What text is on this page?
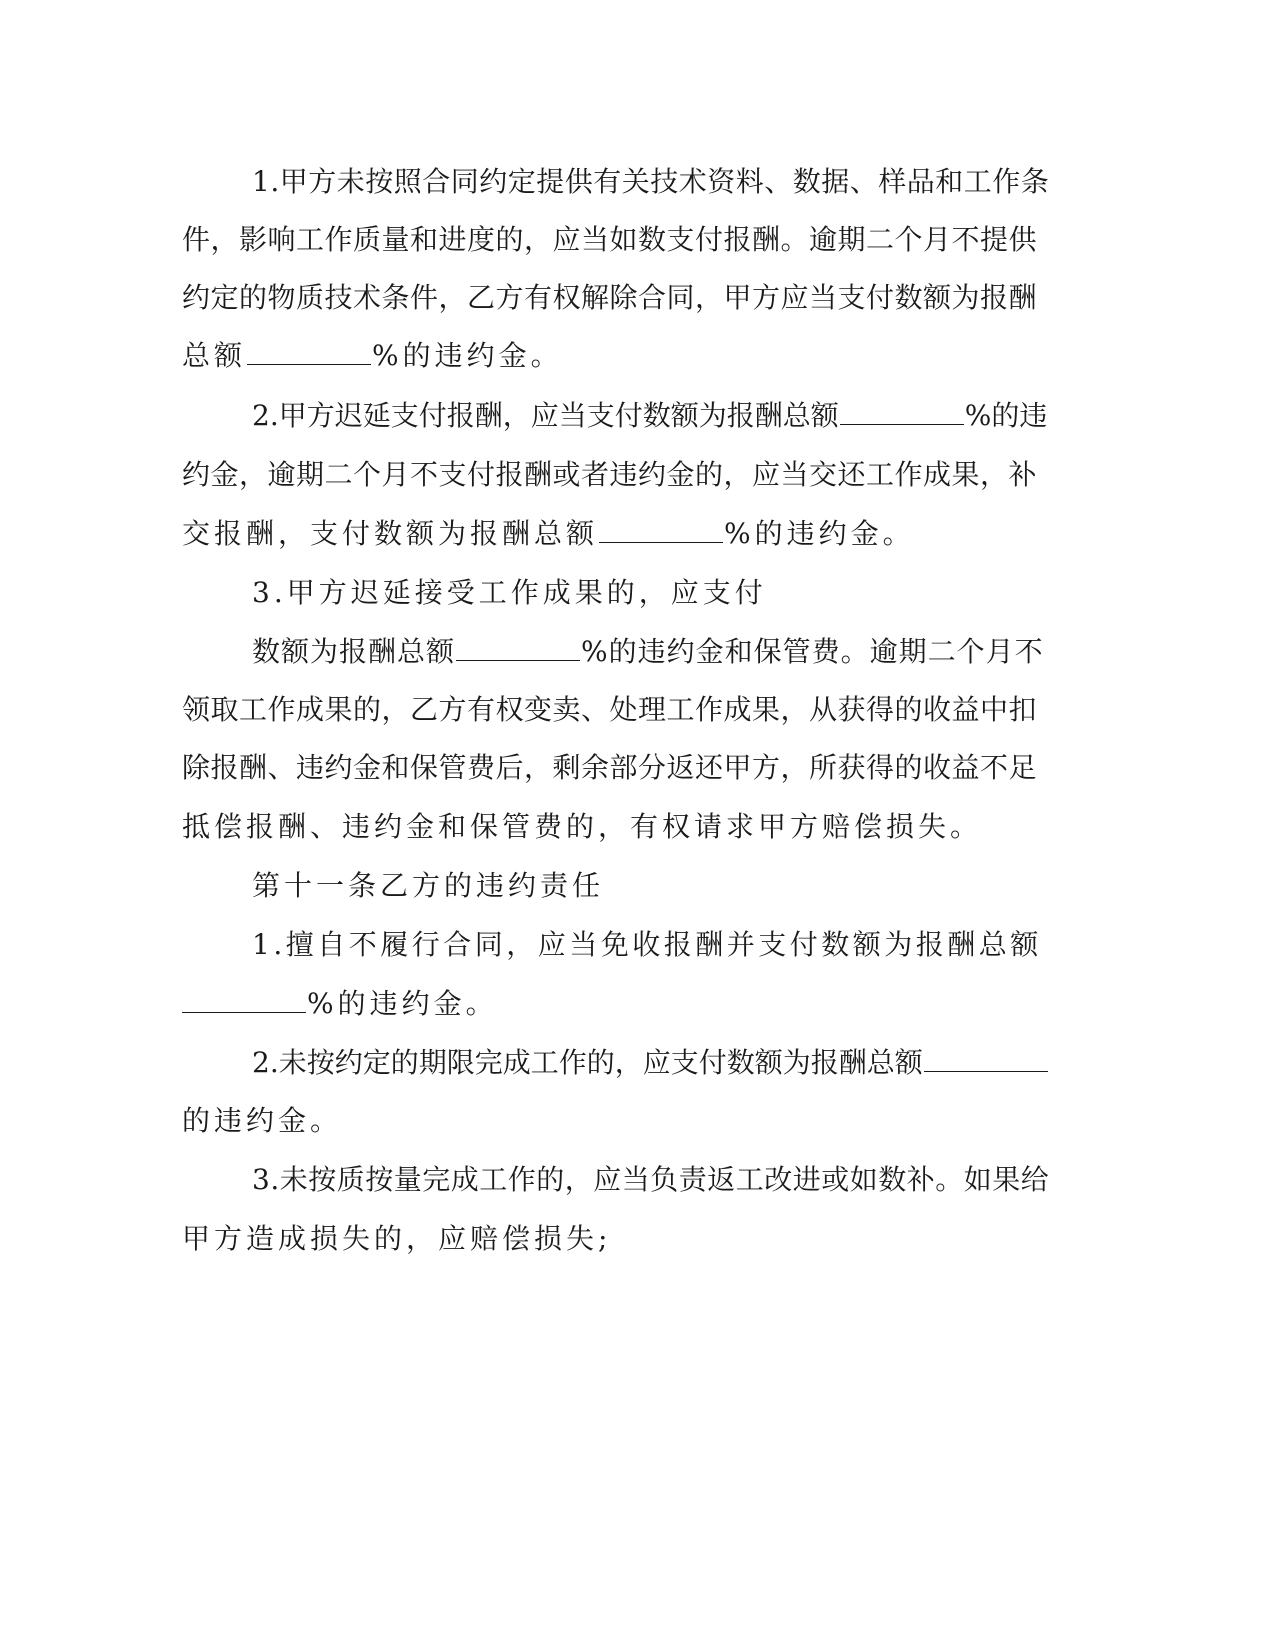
1.甲方未按照合同约定提供有关技术资料、数据、样品和工作条
件，影响工作质量和进度的，应当如数支付报酬。逾期二个月不提供
约定的物质技术条件，乙方有权解除合同，甲方应当支付数额为报酬
总额	%的违约金。
2.甲方迟延支付报酬，应当支付数额为报酬总额	%的违
约金，逾期二个月不支付报酬或者违约金的，应当交还工作成果，补
交报酬，支付数额为报酬总额	%的违约金。
3.甲方迟延接受工作成果的，应支付
数额为报酬总额	%的违约金和保管费。逾期二个月不
领取工作成果的，乙方有权变卖、处理工作成果，从获得的收益中扣
除报酬、违约金和保管费后，剩余部分返还甲方，所获得的收益不足
抵偿报酬、违约金和保管费的，有权请求甲方赔偿损失。
第十一条乙方的违约责任
1.擅自不履行合同，应当免收报酬并支付数额为报酬总额
%的违约金。
2.未按约定的期限完成工作的，应支付数额为报酬总额
的违约金。
3.未按质按量完成工作的，应当负责返工改进或如数补。如果给
甲方造成损失的，应赔偿损失;
